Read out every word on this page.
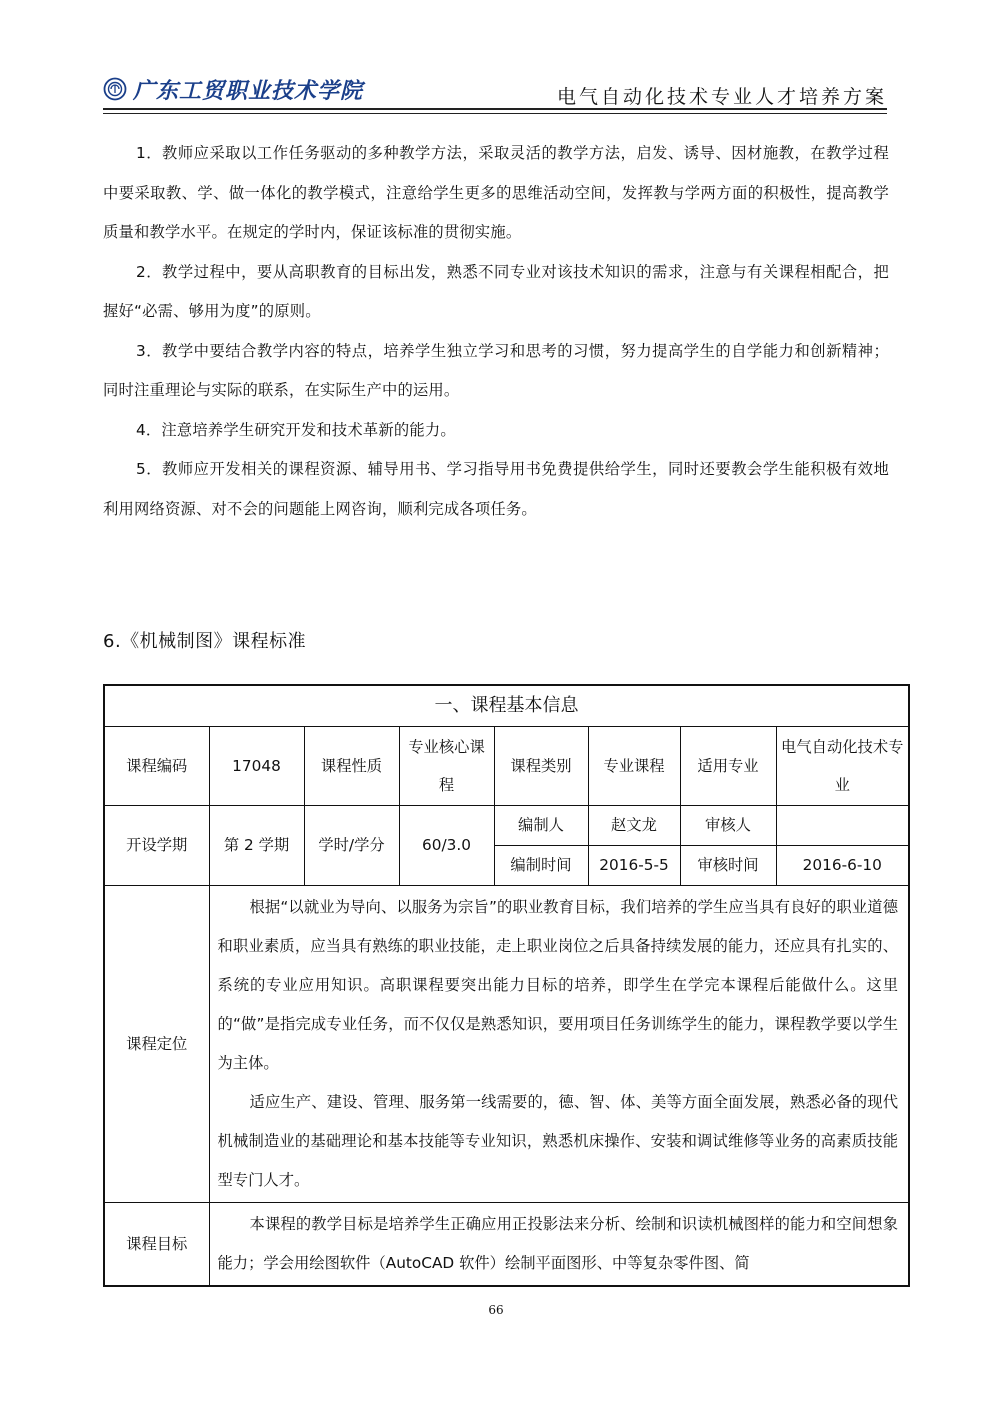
广东工贸职业技术学院	电气自动化技术专业人才培养方案

1．教师应采取以工作任务驱动的多种教学方法，采取灵活的教学方法，启发、诱导、因材施教，在教学过程中要采取教、学、做一体化的教学模式，注意给学生更多的思维活动空间，发挥教与学两方面的积极性，提高教学质量和教学水平。在规定的学时内，保证该标准的贯彻实施。

2．教学过程中，要从高职教育的目标出发，熟悉不同专业对该技术知识的需求，注意与有关课程相配合，把握好“必需、够用为度”的原则。

3．教学中要结合教学内容的特点，培养学生独立学习和思考的习惯，努力提高学生的自学能力和创新精神；同时注重理论与实际的联系，在实际生产中的运用。

4．注意培养学生研究开发和技术革新的能力。

5．教师应开发相关的课程资源、辅导用书、学习指导用书免费提供给学生，同时还要教会学生能积极有效地利用网络资源、对不会的问题能上网咨询，顺利完成各项任务。

6.《机械制图》课程标准
一、课程基本信息							
课程编码	17048	课程性质	专业核心课程	课程类别	专业课程	适用专业	电气自动化技术专业
开设学期	第 2 学期	学时/学分	60/3.0	编制人	赵文龙	审核人	
				编制时间	2016-5-5	审核时间	2016-6-10
课程定位	根据“以就业为导向、以服务为宗旨”的职业教育目标，我们培养的学生应当具有良好的职业道德和职业素质，应当具有熟练的职业技能，走上职业岗位之后具备持续发展的能力，还应具有扎实的、系统的专业应用知识。高职课程要突出能力目标的培养，即学生在学完本课程后能做什么。这里的“做”是指完成专业任务，而不仅仅是熟悉知识，要用项目任务训练学生的能力，课程教学要以学生为主体。

适应生产、建设、管理、服务第一线需要的，德、智、体、美等方面全面发展，熟悉必备的现代机械制造业的基础理论和基本技能等专业知识，熟悉机床操作、安装和调试维修等业务的高素质技能型专门人才。						

课程目标	本课程的教学目标是培养学生正确应用正投影法来分析、绘制和识读机械图样的能力和空间想象能力；学会用绘图软件（AutoCAD 软件）绘制平面图形、中等复杂零件图、简						

66
